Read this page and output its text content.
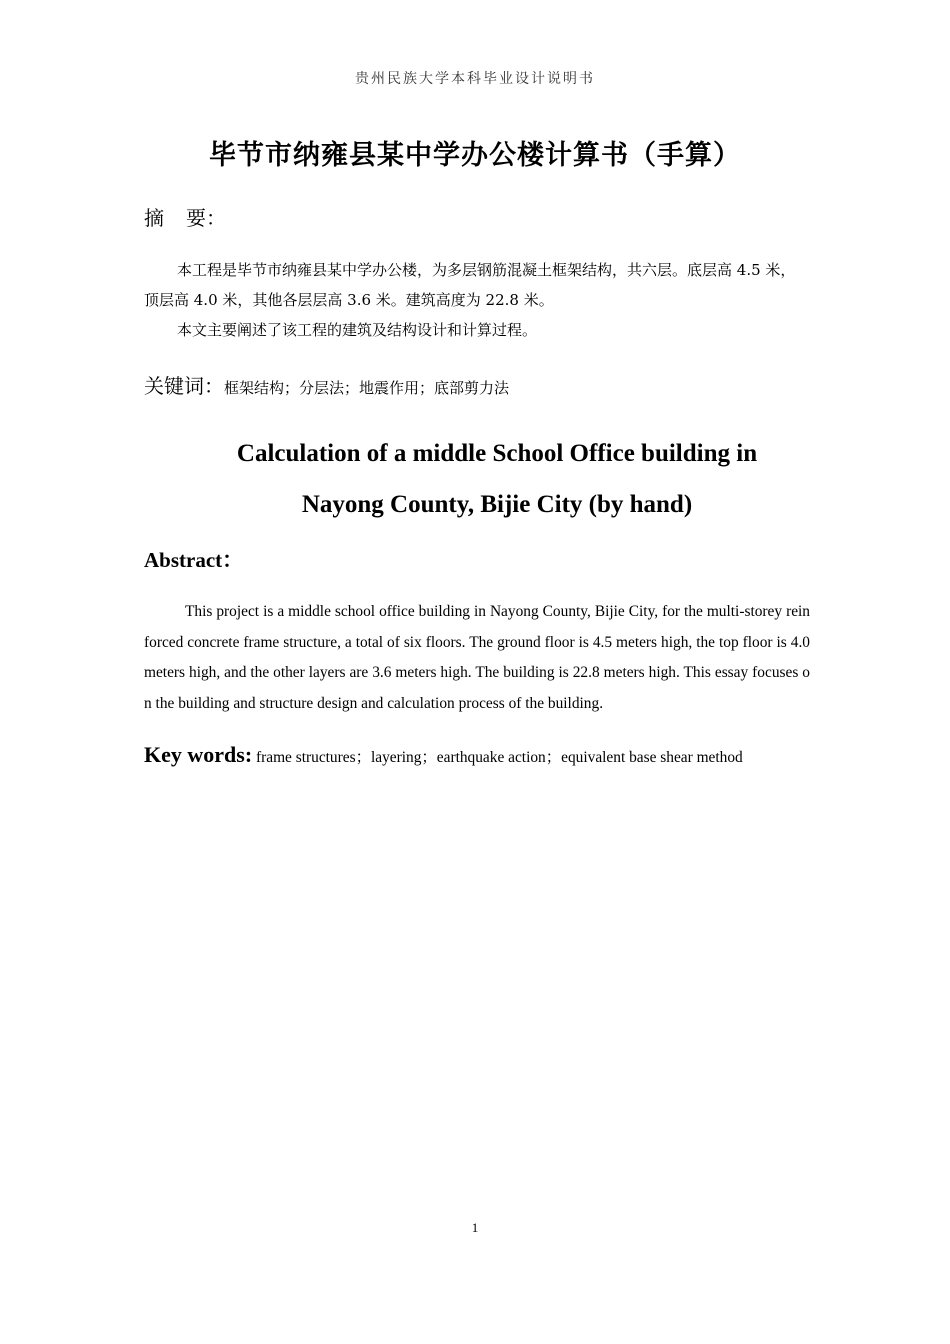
贵州民族大学本科毕业设计说明书
毕节市纳雍县某中学办公楼计算书（手算）
摘 要：

本工程是毕节市纳雍县某中学办公楼，为多层钢筋混凝土框架结构，共六层。底层高 4.5 米，顶层高 4.0 米，其他各层层高 3.6 米。建筑高度为 22.8 米。

本文主要阐述了该工程的建筑及结构设计和计算过程。

关键词：框架结构；分层法；地震作用；底部剪力法
Calculation of a middle School Office building in
Nayong County, Bijie City (by hand)
Abstract：

This project is a middle school office building in Nayong County, Bijie City, for the multi-storey reinforced concrete frame structure, a total of six floors. The ground floor is 4.5 meters high, the top floor is 4.0 meters high, and the other layers are 3.6 meters high. The building is 22.8 meters high. This essay focuses on the building and structure design and calculation process of the building.

Key words: frame structures；layering；earthquake action；equivalent base shear method
1
